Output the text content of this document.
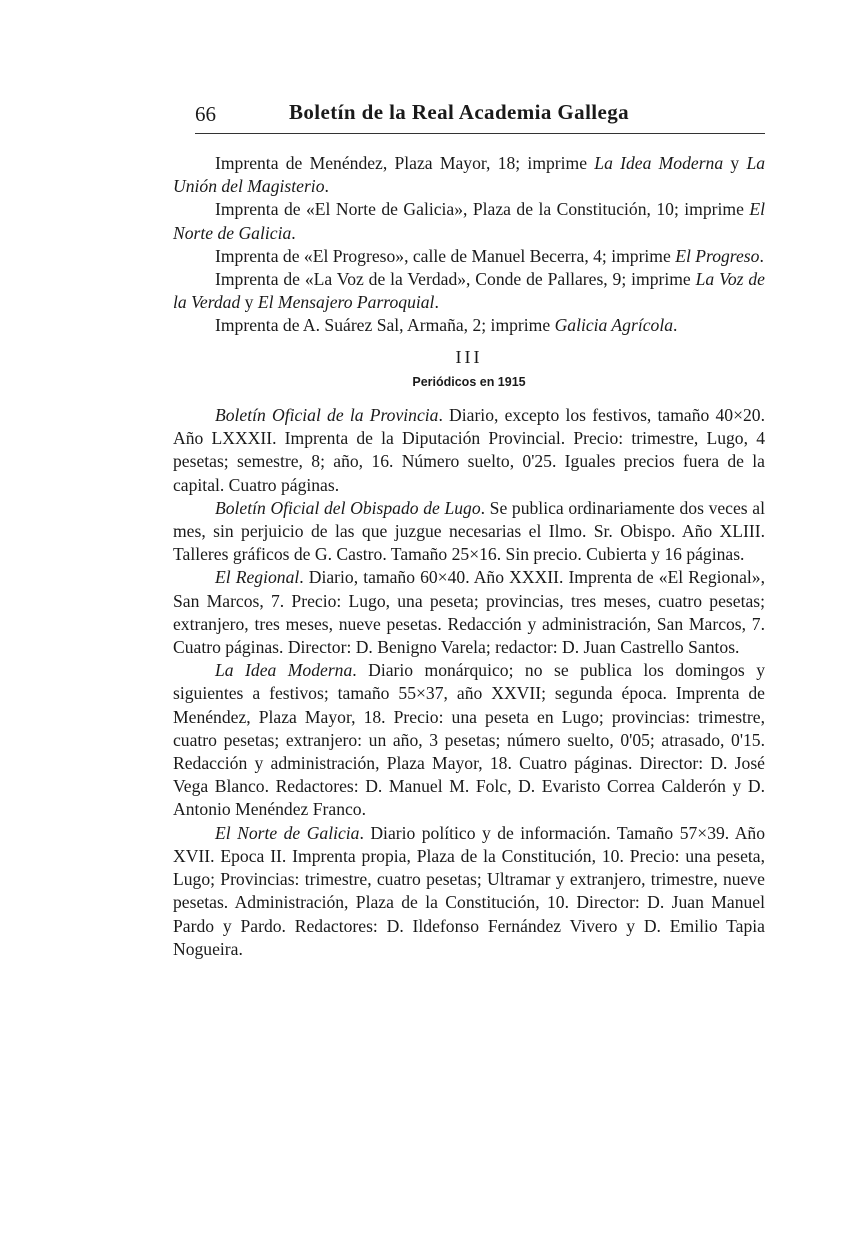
66	Boletín de la Real Academia Gallega

Imprenta de Menéndez, Plaza Mayor, 18; imprime La Idea Moderna y La Unión del Magisterio.

Imprenta de «El Norte de Galicia», Plaza de la Constitución, 10; imprime El Norte de Galicia.

Imprenta de «El Progreso», calle de Manuel Becerra, 4; imprime El Progreso.

Imprenta de «La Voz de la Verdad», Conde de Pallares, 9; imprime La Voz de la Verdad y El Mensajero Parroquial.

Imprenta de A. Suárez Sal, Armaña, 2; imprime Galicia Agrícola.

III

Periódicos en 1915

Boletín Oficial de la Provincia. Diario, excepto los festivos, tamaño 40×20. Año LXXXII. Imprenta de la Diputación Provincial. Precio: trimestre, Lugo, 4 pesetas; semestre, 8; año, 16. Número suelto, 0'25. Iguales precios fuera de la capital. Cuatro páginas.

Boletín Oficial del Obispado de Lugo. Se publica ordinariamente dos veces al mes, sin perjuicio de las que juzgue necesarias el Ilmo. Sr. Obispo. Año XLIII. Talleres gráficos de G. Castro. Tamaño 25×16. Sin precio. Cubierta y 16 páginas.

El Regional. Diario, tamaño 60×40. Año XXXII. Imprenta de «El Regional», San Marcos, 7. Precio: Lugo, una peseta; provincias, tres meses, cuatro pesetas; extranjero, tres meses, nueve pesetas. Redacción y administración, San Marcos, 7. Cuatro páginas. Director: D. Benigno Varela; redactor: D. Juan Castrello Santos.

La Idea Moderna. Diario monárquico; no se publica los domingos y siguientes a festivos; tamaño 55×37, año XXVII; segunda época. Imprenta de Menéndez, Plaza Mayor, 18. Precio: una peseta en Lugo; provincias: trimestre, cuatro pesetas; extranjero: un año, 3 pesetas; número suelto, 0'05; atrasado, 0'15. Redacción y administración, Plaza Mayor, 18. Cuatro páginas. Director: D. José Vega Blanco. Redactores: D. Manuel M. Folc, D. Evaristo Correa Calderón y D. Antonio Menéndez Franco.

El Norte de Galicia. Diario político y de información. Tamaño 57×39. Año XVII. Epoca II. Imprenta propia, Plaza de la Constitución, 10. Precio: una peseta, Lugo; Provincias: trimestre, cuatro pesetas; Ultramar y extranjero, trimestre, nueve pesetas. Administración, Plaza de la Constitución, 10. Director: D. Juan Manuel Pardo y Pardo. Redactores: D. Ildefonso Fernández Vivero y D. Emilio Tapia Nogueira.
